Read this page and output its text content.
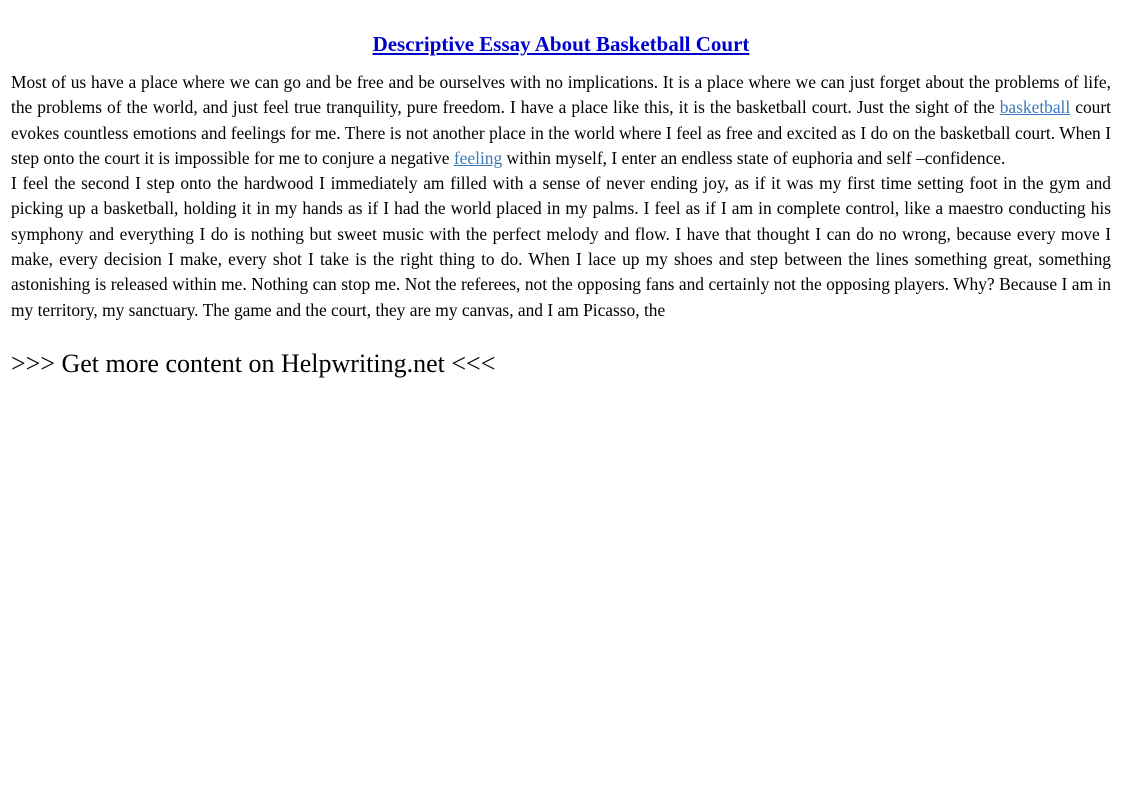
Descriptive Essay About Basketball Court

Most of us have a place where we can go and be free and be ourselves with no implications. It is a place where we can just forget about the problems of life, the problems of the world, and just feel true tranquility, pure freedom. I have a place like this, it is the basketball court. Just the sight of the basketball court evokes countless emotions and feelings for me. There is not another place in the world where I feel as free and excited as I do on the basketball court. When I step onto the court it is impossible for me to conjure a negative feeling within myself, I enter an endless state of euphoria and self –confidence.

I feel the second I step onto the hardwood I immediately am filled with a sense of never ending joy, as if it was my first time setting foot in the gym and picking up a basketball, holding it in my hands as if I had the world placed in my palms. I feel as if I am in complete control, like a maestro conducting his symphony and everything I do is nothing but sweet music with the perfect melody and flow. I have that thought I can do no wrong, because every move I make, every decision I make, every shot I take is the right thing to do. When I lace up my shoes and step between the lines something great, something astonishing is released within me. Nothing can stop me. Not the referees, not the opposing fans and certainly not the opposing players. Why? Because I am in my territory, my sanctuary. The game and the court, they are my canvas, and I am Picasso, the

>>> Get more content on Helpwriting.net <<<
